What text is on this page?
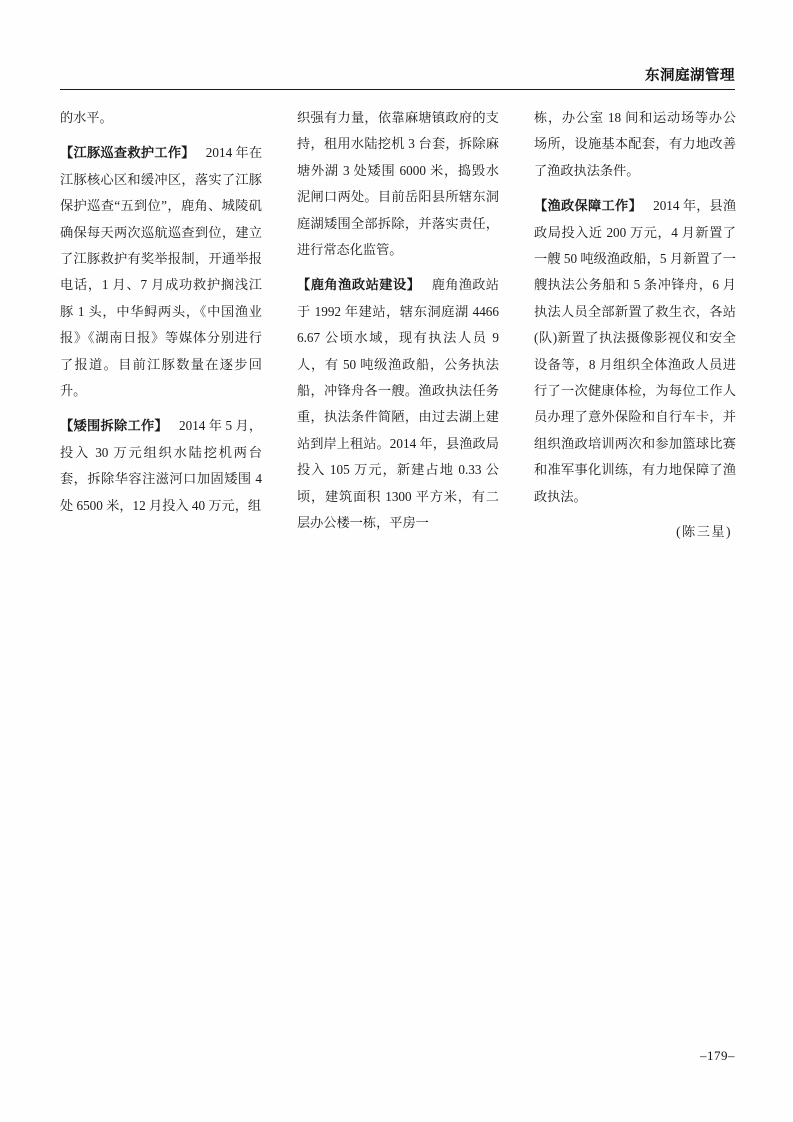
东洞庭湖管理

的水平。

【江豚巡查救护工作】 2014 年在江豚核心区和缓冲区，落实了江豚保护巡查“五到位”，鹿角、城陵矶确保每天两次巡航巡查到位，建立了江豚救护有奖举报制，开通举报电话，1 月、7 月成功救护搁浅江豚 1 头，中华鲟两头，《中国渔业报》《湖南日报》等媒体分别进行了报道。目前江豚数量在逐步回升。

【矮围拆除工作】 2014 年 5 月，投入 30 万元组织水陆挖机两台套，拆除华容注滋河口加固矮围 4 处 6500 米，12 月投入 40 万元，组

织强有力量，依靠麻塘镇政府的支持，租用水陆挖机 3 台套，拆除麻塘外湖 3 处矮围 6000 米，捣毁水泥闸口两处。目前岳阳县所辖东洞庭湖矮围全部拆除，并落实责任，进行常态化监管。

【鹿角渔政站建设】 鹿角渔政站于 1992 年建站，辖东洞庭湖 44666.67 公顷水域，现有执法人员 9 人，有 50 吨级渔政船，公务执法船，冲锋舟各一艘。渔政执法任务重，执法条件简陋，由过去湖上建站到岸上租站。2014 年，县渔政局投入 105 万元，新建占地 0.33 公顷，建筑面积 1300 平方米，有二层办公楼一栋，平房一

栋，办公室 18 间和运动场等办公场所，设施基本配套，有力地改善了渔政执法条件。

【渔政保障工作】 2014 年，县渔政局投入近 200 万元，4 月新置了一艘 50 吨级渔政船，5 月新置了一艘执法公务船和 5 条冲锋舟，6 月执法人员全部新置了救生衣，各站(队)新置了执法摄像影视仪和安全设备等，8 月组织全体渔政人员进行了一次健康体检，为每位工作人员办理了意外保险和自行车卡，并组织渔政培训两次和参加篮球比赛和准军事化训练，有力地保障了渔政执法。

(陈三星)

–179–
